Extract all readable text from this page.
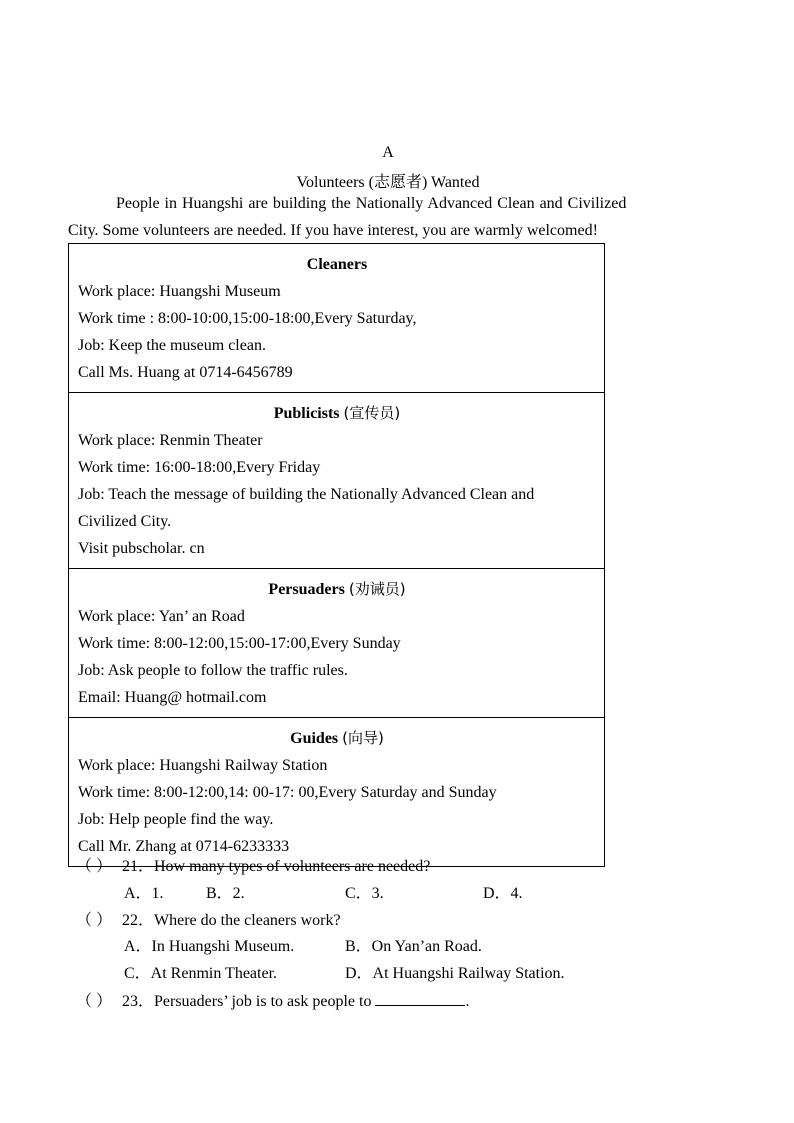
A
Volunteers (志愿者) Wanted
People in Huangshi are building the Nationally Advanced Clean and Civilized
City. Some volunteers are needed. If you have interest, you are warmly welcomed!
Cleaners
Work place: Huangshi Museum
Work time : 8:00-10:00,15:00-18:00,Every Saturday,
Job: Keep the museum clean.
Call Ms. Huang at 0714-6456789

Publicists (宣传员)
Work place: Renmin Theater
Work time: 16:00-18:00,Every Friday
Job: Teach the message of building the Nationally Advanced Clean and Civilized City.
Visit pubscholar. cn

Persuaders (劝诫员)
Work place: Yan’ an Road
Work time: 8:00-12:00,15:00-17:00,Every Sunday
Job: Ask people to follow the traffic rules.
Email: Huang@ hotmail.com

Guides (向导)
Work place: Huangshi Railway Station
Work time: 8:00-12:00,14: 00-17: 00,Every Saturday and Sunday
Job: Help people find the way.
Call Mr. Zhang at 0714-6233333
（ ） 21．How many types of volunteers are needed?
A．1.	B．2.	C．3.	D．4.
（ ） 22．Where do the cleaners work?
A．In Huangshi Museum.	B．On Yan’an Road.
C．At Renmin Theater.	D．At Huangshi Railway Station.
（ ） 23．Persuaders’ job is to ask people to	.
